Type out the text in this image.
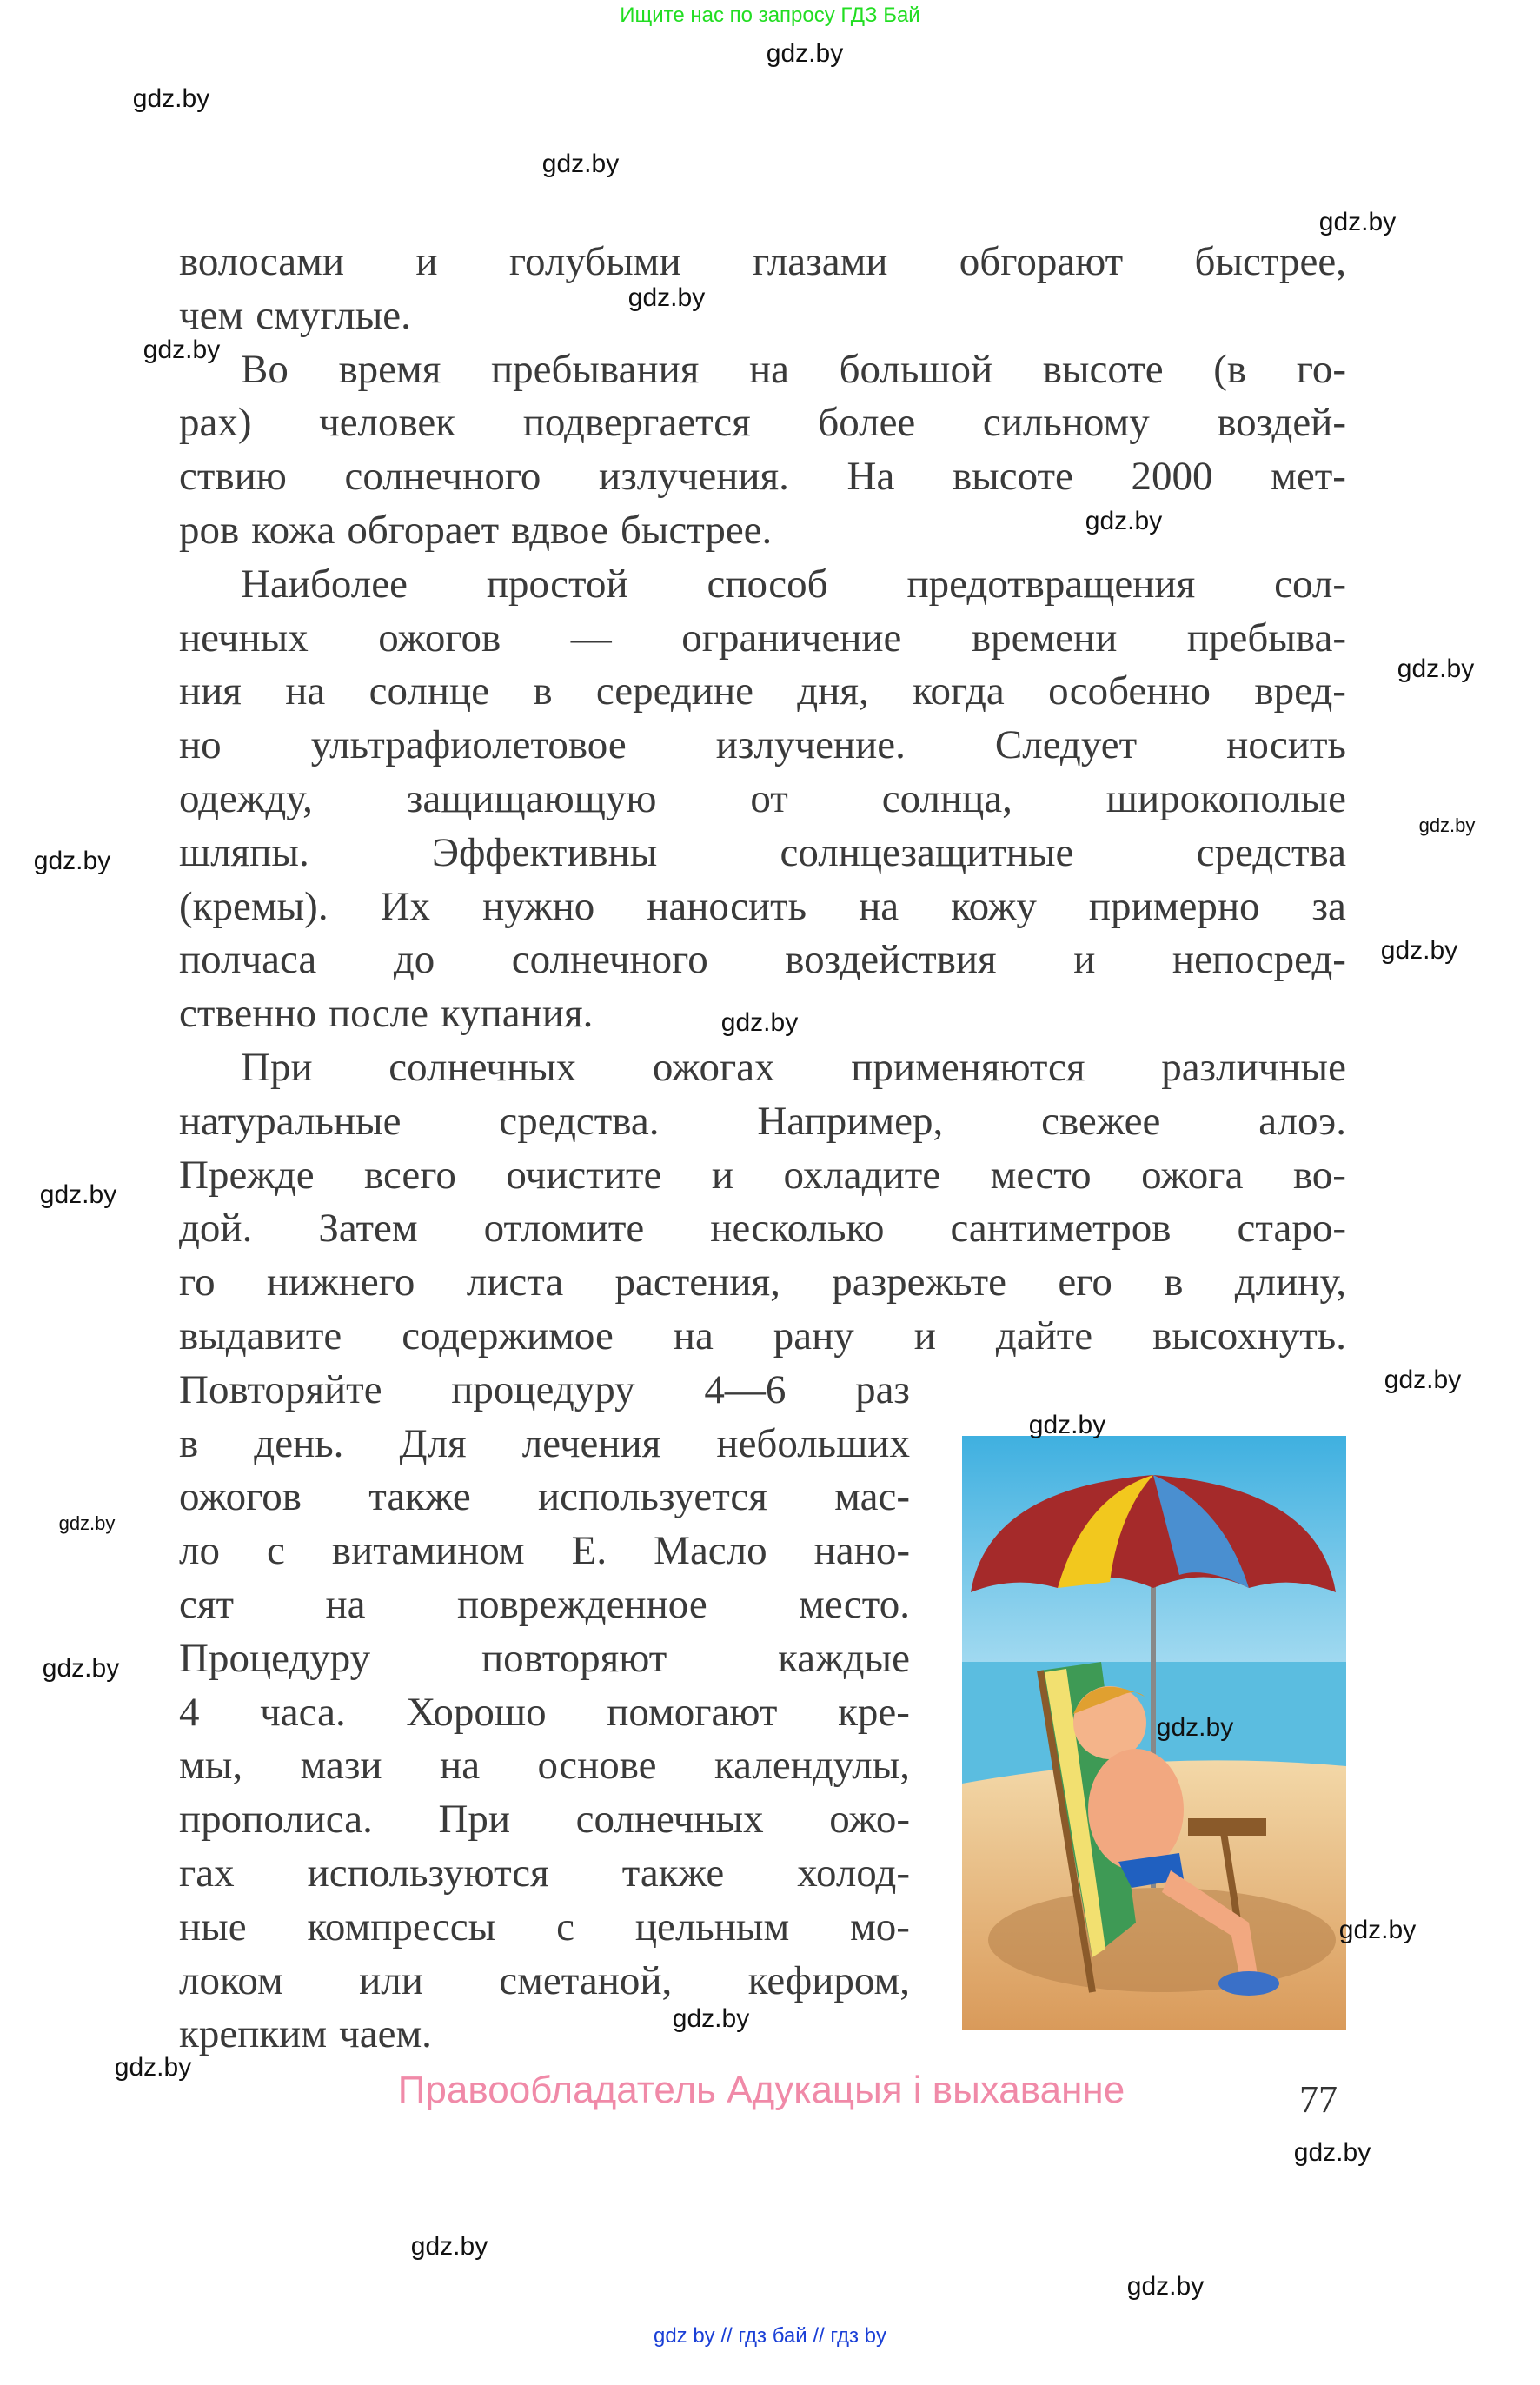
Ищите нас по запросу ГДЗ Бай
волосами и голубыми глазами обгорают быстрее,
чем смуглые.
Во время пребывания на большой высоте (в го-
рах) человек подвергается более сильному воздей-
ствию солнечного излучения. На высоте 2000 мет-
ров кожа обгорает вдвое быстрее.
Наиболее простой способ предотвращения сол-
нечных ожогов — ограничение времени пребыва-
ния на солнце в середине дня, когда особенно вред-
но ультрафиолетовое излучение. Следует носить
одежду, защищающую от солнца, широкополые
шляпы.	Эффективны	солнцезащитные	средства
(кремы). Их нужно наносить на кожу примерно за
полчаса до солнечного воздействия и непосред-
ственно после купания.
При солнечных ожогах применяются различные
натуральные средства. Например, свежее алоэ.
Прежде всего очистите и охладите место ожога во-
дой. Затем отломите несколько сантиметров старо-
го нижнего листа растения, разрежьте его в длину,
выдавите содержимое на рану и дайте высохнуть.
Повторяйте процедуру 4—6 раз
в день. Для лечения небольших
ожогов также используется мас-
ло с витамином Е. Масло нано-
сят на поврежденное место.
Процедуру	повторяют	каждые
4 часа. Хорошо помогают кре-
мы, мази на основе календулы,
прополиса. При солнечных ожо-
гах используются также холод-
ные компрессы с цельным мо-
локом или сметаной, кефиром,
крепким чаем.
Правообладатель Адукацыя і выхаванне	77
gdz.by
gdz.by
gdz.by
gdz.by
gdz.by
gdz.by
gdz.by
gdz.by
gdz.by
gdz.by
gdz.by
gdz.by
gdz.by
gdz.by
gdz.by
gdz.by
gdz.by
gdz.by
gdz.by
gdz.by
gdz.by
gdz.by
gdz.by
gdz.by
gdz by // гдз бай // гдз by
